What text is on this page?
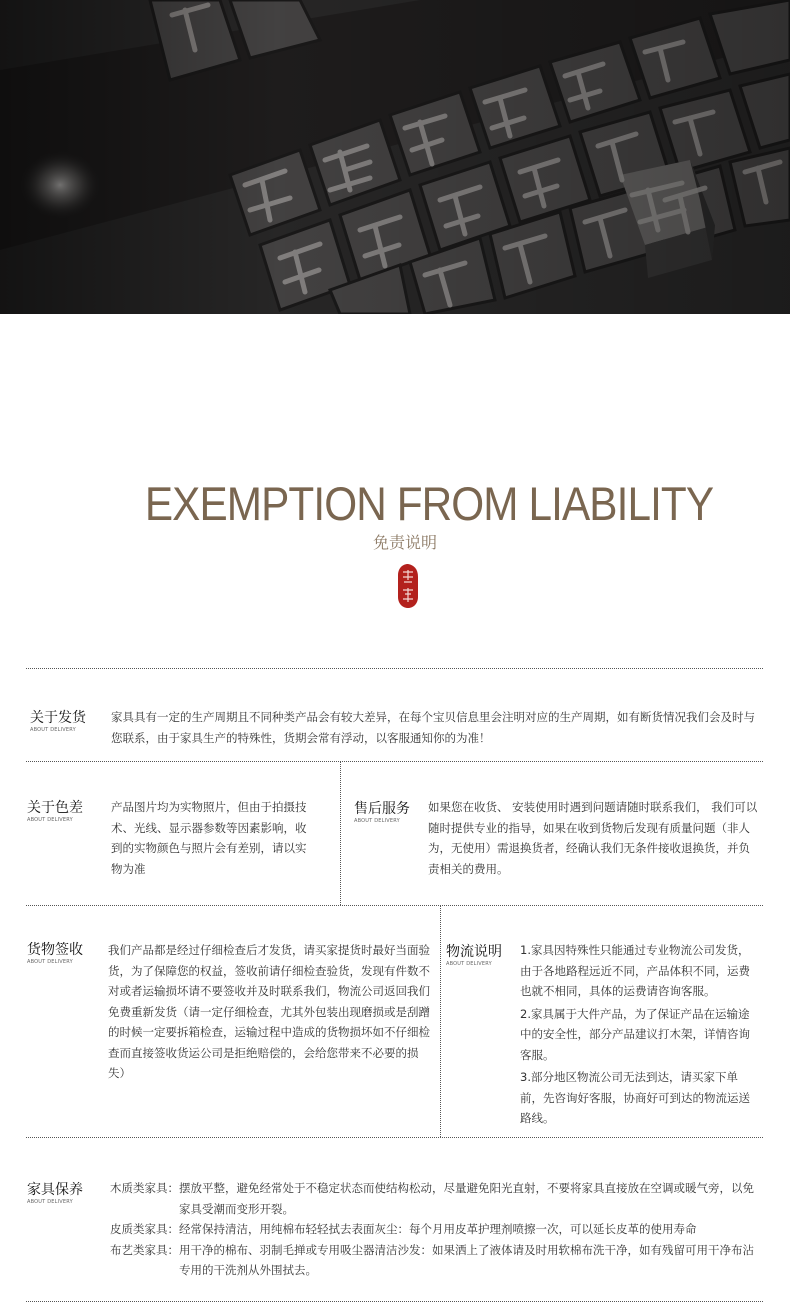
EXEMPTION FROM LIABILITY
免责说明
关于发货
ABOUT DELIVERY

家具具有一定的生产周期且不同种类产品会有较大差异，在每个宝贝信息里会注明对应的生产周期，如有断货情况我们会及时与您联系，由于家具生产的特殊性，货期会常有浮动，以客服通知你的为准！

关于色差
ABOUT DELIVERY

产品图片均为实物照片，但由于拍摄技术、光线、显示器参数等因素影响，收到的实物颜色与照片会有差别，请以实物为准

售后服务
ABOUT DELIVERY

如果您在收货、 安装使用时遇到问题请随时联系我们， 我们可以随时提供专业的指导，如果在收到货物后发现有质量问题（非人为，无使用）需退换货者，经确认我们无条件接收退换货，并负责相关的费用。

货物签收
ABOUT DELIVERY

我们产品都是经过仔细检查后才发货，请买家提货时最好当面验货，为了保障您的权益，签收前请仔细检查验货，发现有件数不对或者运输损坏请不要签收并及时联系我们，物流公司返回我们免费重新发货（请一定仔细检查，尤其外包装出现磨损或是刮蹭的时候一定要拆箱检查，运输过程中造成的货物损坏如不仔细检查而直接签收货运公司是拒绝赔偿的，会给您带来不必要的损失）

物流说明
ABOUT DELIVERY

1.家具因特殊性只能通过专业物流公司发货，由于各地路程远近不同，产品体积不同，运费也就不相同，具体的运费请咨询客服。

2.家具属于大件产品，为了保证产品在运输途中的安全性，部分产品建议打木架，详情咨询客服。

3.部分地区物流公司无法到达，请买家下单前，先咨询好客服，协商好可到达的物流运送路线。

家具保养
ABOUT DELIVERY
木质类家具： 摆放平整，避免经常处于不稳定状态而使结构松动，尽量避免阳光直射，不要将家具直接放在空调或暖气旁，以免家具受潮而变形开裂。
皮质类家具： 经常保持清洁，用纯棉布轻轻拭去表面灰尘：每个月用皮革护理剂喷擦一次，可以延长皮革的使用寿命
布艺类家具： 用干净的棉布、羽制毛掸或专用吸尘器清洁沙发：如果洒上了液体请及时用软棉布洗干净，如有残留可用干净布沾专用的干洗剂从外围拭去。
